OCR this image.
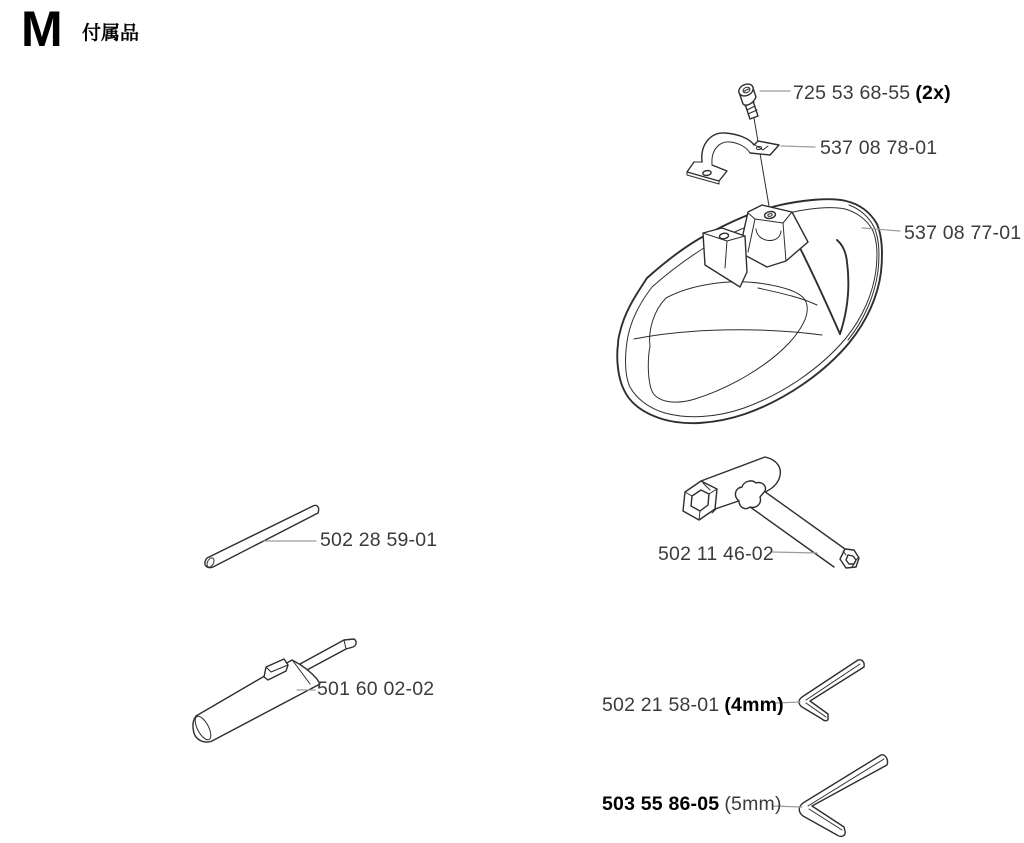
M 付属品
725 53 68-55 (2x)
537 08 78-01
537 08 77-01
502 28 59-01
502 11 46-02
501 60 02-02
502 21 58-01 (4mm)
503 55 86-05 (5mm)
